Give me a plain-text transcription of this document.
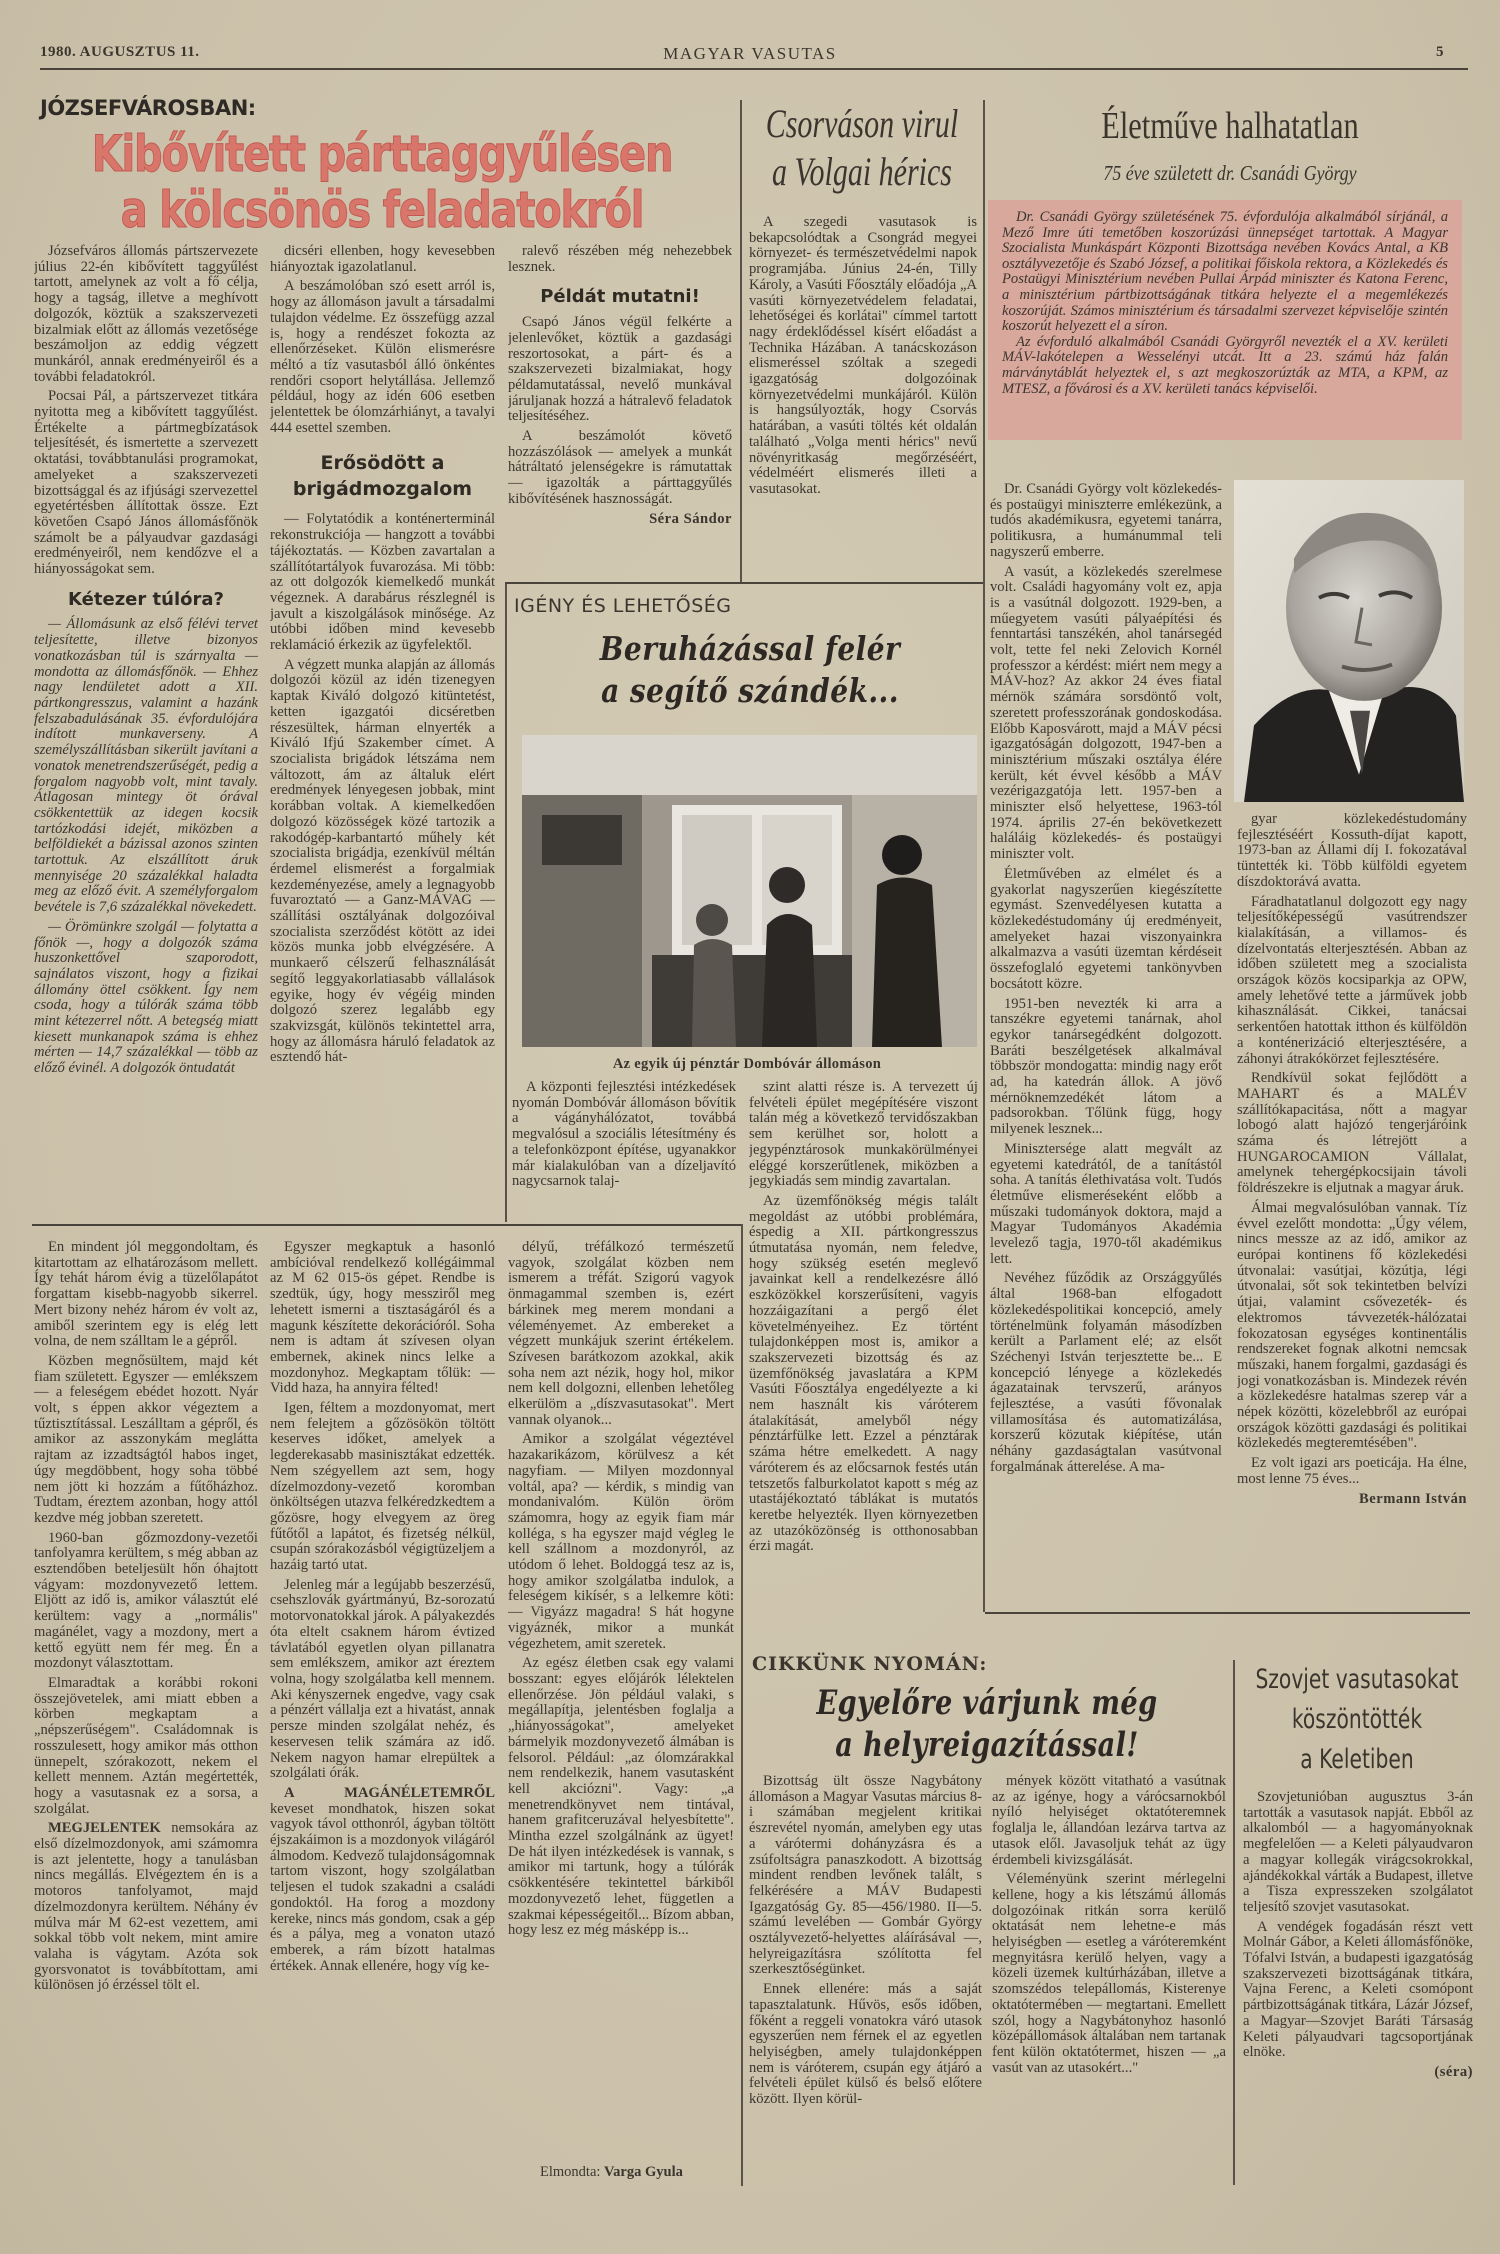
1980. AUGUSZTUS 11.	MAGYAR VASUTAS	5
JÓZSEFVÁROSBAN:
Kibővített párttaggyűlésen
a kölcsönös feladatokról

Józsefváros állomás pártszervezete július 22-én kibővített taggyűlést tartott, amelynek az volt a fő célja, hogy a tagság, illetve a meghívott dolgozók, köztük a szakszervezeti bizalmiak előtt az állomás vezetősége beszámoljon az eddig végzett munkáról, annak eredményeiről és a további feladatokról.

Pocsai Pál, a pártszervezet titkára nyitotta meg a kibővített taggyűlést. Értékelte a pártmegbízatások teljesítését, és ismertette a szervezett oktatási, továbbtanulási programokat, amelyeket a szakszervezeti bizottsággal és az ifjúsági szervezettel egyetértésben állítottak össze. Ezt követően Csapó János állomásfőnök számolt be a pályaudvar gazdasági eredményeiről, nem kendőzve el a hiányosságokat sem.

Kétezer túlóra?

— Állomásunk az első félévi tervet teljesítette, illetve bizonyos vonatkozásban túl is szárnyalta — mondotta az állomásfőnök. — Ehhez nagy lendületet adott a XII. pártkongresszus, valamint a hazánk felszabadulásának 35. évfordulójára indított munkaverseny. A személyszállításban sikerült javítani a vonatok menetrendszerűségét, pedig a forgalom nagyobb volt, mint tavaly. Átlagosan mintegy öt órával csökkentettük az idegen kocsik tartózkodási idejét, miközben a belföldiekét a bázissal azonos szinten tartottuk. Az elszállított áruk mennyisége 20 százalékkal haladta meg az előző évit. A személyforgalom bevétele is 7,6 százalékkal növekedett.

— Örömünkre szolgál — folytatta a főnök —, hogy a dolgozók száma huszonkettővel szaporodott, sajnálatos viszont, hogy a fizikai állomány öttel csökkent. Így nem csoda, hogy a túlórák száma több mint kétezerrel nőtt. A betegség miatt kiesett munkanapok száma is ehhez mérten — 14,7 százalékkal — több az előző évinél. A dolgozók öntudatát

dicséri ellenben, hogy kevesebben hiányoztak igazolatlanul.

A beszámolóban szó esett arról is, hogy az állomáson javult a társadalmi tulajdon védelme. Ez összefügg azzal is, hogy a rendészet fokozta az ellenőrzéseket. Külön elismerésre méltó a tíz vasutasból álló önkéntes rendőri csoport helytállása. Jellemző például, hogy az idén 606 esetben jelentettek be ólomzárhiányt, a tavalyi 444 esettel szemben.

Erősödött a brigádmozgalom

— Folytatódik a konténerterminál rekonstrukciója — hangzott a további tájékoztatás. — Közben zavartalan a szállítótartályok fuvarozása. Mi több: az ott dolgozók kiemelkedő munkát végeznek. A darabárus részlegnél is javult a kiszolgálások minősége. Az utóbbi időben mind kevesebb reklamáció érkezik az ügyfelektől.

A végzett munka alapján az állomás dolgozói közül az idén tizenegyen kaptak Kiváló dolgozó kitüntetést, ketten igazgatói dicséretben részesültek, hárman elnyerték a Kiváló Ifjú Szakember címet. A szocialista brigádok létszáma nem változott, ám az általuk elért eredmények lényegesen jobbak, mint korábban voltak. A kiemelkedően dolgozó közösségek közé tartozik a rakodógép-karbantartó műhely két szocialista brigádja, ezenkívül méltán érdemel elismerést a forgalmiak kezdeményezése, amely a legnagyobb fuvaroztató — a Ganz-MÁVAG — szállítási osztályának dolgozóival szocialista szerződést kötött az idei közös munka jobb elvégzésére. A munkaerő célszerű felhasználását segítő leggyakorlatiasabb vállalások egyike, hogy év végéig minden dolgozó szerez legalább egy szakvizsgát, különös tekintettel arra, hogy az állomásra háruló feladatok az esztendő hát-

ralevő részében még nehezebbek lesznek.

Példát mutatni!

Csapó János végül felkérte a jelenlevőket, köztük a gazdasági reszortosokat, a párt- és a szakszervezeti bizalmiakat, hogy példamutatással, nevelő munkával járuljanak hozzá a hátralevő feladatok teljesítéséhez.

A beszámolót követő hozzászólások — amelyek a munkát hátráltató jelenségekre is rámutattak — igazolták a párttaggyűlés kibővítésének hasznosságát.

Séra Sándor
Csorváson virul
a Volgai hérics

A szegedi vasutasok is bekapcsolódtak a Csongrád megyei környezet- és természetvédelmi napok programjába. Június 24-én, Tilly Károly, a Vasúti Főosztály előadója „A vasúti környezetvédelem feladatai, lehetőségei és korlátai" címmel tartott nagy érdeklődéssel kísért előadást a Technika Házában. A tanácskozáson elismeréssel szóltak a szegedi igazgatóság dolgozóinak környezetvédelmi munkájáról. Külön is hangsúlyozták, hogy Csorvás határában, a vasúti töltés két oldalán található „Volga menti hérics" nevű növényritkaság megőrzéséért, védelméért elismerés illeti a vasutasokat.

Életműve halhatatlan
75 éve született dr. Csanádi György

Dr. Csanádi György születésének 75. évfordulója alkalmából sírjánál, a Mező Imre úti temetőben koszorúzási ünnepséget tartottak. A Magyar Szocialista Munkáspárt Központi Bizottsága nevében Kovács Antal, a KB osztályvezetője és Szabó József, a politikai főiskola rektora, a Közlekedés és Postaügyi Minisztérium nevében Pullai Árpád miniszter és Katona Ferenc, a minisztérium pártbizottságának titkára helyezte el a megemlékezés koszorúját. Számos minisztérium és társadalmi szervezet képviselője szintén koszorút helyezett el a síron.

Az évforduló alkalmából Csanádi Györgyről nevezték el a XV. kerületi MÁV-lakótelepen a Wesselényi utcát. Itt a 23. számú ház falán márványtáblát helyeztek el, s azt megkoszorúzták az MTA, a KPM, az MTESZ, a fővárosi és a XV. kerületi tanács képviselői.

Dr. Csanádi György volt közlekedés- és postaügyi miniszterre emlékezünk, a tudós akadémikusra, egyetemi tanárra, politikusra, a humánummal teli nagyszerű emberre.

A vasút, a közlekedés szerelmese volt. Családi hagyomány volt ez, apja is a vasútnál dolgozott. 1929-ben, a műegyetem vasúti pályaépítési és fenntartási tanszékén, ahol tanársegéd volt, tette fel neki Zelovich Kornél professzor a kérdést: miért nem megy a MÁV-hoz? Az akkor 24 éves fiatal mérnök számára sorsdöntő volt, szeretett professzorának gondoskodása. Előbb Kaposvárott, majd a MÁV pécsi igazgatóságán dolgozott, 1947-ben a minisztérium műszaki osztálya élére került, két évvel később a MÁV vezérigazgatója lett. 1957-ben a miniszter első helyettese, 1963-tól 1974. április 27-én bekövetkezett haláláig közlekedés- és postaügyi miniszter volt.

Életművében az elmélet és a gyakorlat nagyszerűen kiegészítette egymást. Szenvedélyesen kutatta a közlekedéstudomány új eredményeit, amelyeket hazai viszonyainkra alkalmazva a vasúti üzemtan kérdéseit összefoglaló egyetemi tankönyvben bocsátott közre.

1951-ben nevezték ki arra a tanszékre egyetemi tanárnak, ahol egykor tanársegédként dolgozott. Baráti beszélgetések alkalmával többször mondogatta: mindig nagy erőt ad, ha katedrán állok. A jövő mérnöknemzedékét látom a padsorokban. Tőlünk függ, hogy milyenek lesznek...

Minisztersége alatt megvált az egyetemi katedrától, de a tanítástól soha. A tanítás élethivatása volt. Tudós életműve elismeréseként előbb a műszaki tudományok doktora, majd a Magyar Tudományos Akadémia levelező tagja, 1970-től akadémikus lett.

Nevéhez fűződik az Országgyűlés által 1968-ban elfogadott közlekedéspolitikai koncepció, amely történelmünk folyamán másodízben került a Parlament elé; az elsőt Széchenyi István terjesztette be... E koncepció lényege a közlekedés ágazatainak tervszerű, arányos fejlesztése, a vasúti fővonalak villamosítása és automatizálása, korszerű közutak kiépítése, után néhány gazdaságtalan vasútvonal forgalmának átterelése. A ma-

gyar közlekedéstudomány fejlesztéséért Kossuth-díjat kapott, 1973-ban az Állami díj I. fokozatával tüntették ki. Több külföldi egyetem díszdoktorává avatta.

Fáradhatatlanul dolgozott egy nagy teljesítőképességű vasútrendszer kialakításán, a villamos- és dízelvontatás elterjesztésén. Abban az időben született meg a szocialista országok közös kocsiparkja az OPW, amely lehetővé tette a járművek jobb kihasználását. Cikkei, tanácsai serkentően hatottak itthon és külföldön a konténerizáció elterjesztésére, a záhonyi átrakókörzet fejlesztésére.

Rendkívül sokat fejlődött a MAHART és a MALÉV szállítókapacitása, nőtt a magyar lobogó alatt hajózó tengerjáróink száma és létrejött a HUNGAROCAMION Vállalat, amelynek tehergépkocsijain távoli földrészekre is eljutnak a magyar áruk.

Álmai megvalósulóban vannak. Tíz évvel ezelőtt mondotta: „Úgy vélem, nincs messze az az idő, amikor az európai kontinens fő közlekedési útvonalai: vasútjai, közútja, légi útvonalai, sőt sok tekintetben belvízi útjai, valamint csővezeték- és elektromos távvezeték-hálózatai fokozatosan egységes kontinentális rendszereket fognak alkotni nemcsak műszaki, hanem forgalmi, gazdasági és jogi vonatkozásban is. Mindezek révén a közlekedésre hatalmas szerep vár a népek közötti, közelebbről az európai országok közötti gazdasági és politikai közlekedés megteremtésében".

Ez volt igazi ars poeticája. Ha élne, most lenne 75 éves...

Bermann István
IGÉNY ÉS LEHETŐSÉG
Beruházással felér
a segítő szándék...
Az egyik új pénztár Dombóvár állomáson

A központi fejlesztési intézkedések nyomán Dombóvár állomáson bővítik a vágányhálózatot, továbbá megvalósul a szociális létesítmény és a telefonközpont építése, ugyanakkor már kialakulóban van a dízeljavító nagycsarnok talaj-

szint alatti része is. A tervezett új felvételi épület megépítésére viszont talán még a következő tervidőszakban sem kerülhet sor, holott a jegypénztárosok munkakörülményei eléggé korszerűtlenek, miközben a jegykiadás sem mindig zavartalan.

Az üzemfőnökség mégis talált megoldást az utóbbi problémára, éspedig a XII. pártkongresszus útmutatása nyomán, nem feledve, hogy szükség esetén meglevő javainkat kell a rendelkezésre álló eszközökkel korszerűsíteni, vagyis hozzáigazítani a pergő élet követelményeihez. Ez történt tulajdonképpen most is, amikor a szakszervezeti bizottság és az üzemfőnökség javaslatára a KPM Vasúti Főosztálya engedélyezte a ki nem használt kis váróterem átalakítását, amelyből négy pénztárfülke lett. Ezzel a pénztárak száma hétre emelkedett. A nagy váróterem és az előcsarnok festés után tetszetős falburkolatot kapott s még az utastájékoztató táblákat is mutatós keretbe helyezték. Ilyen környezetben az utazóközönség is otthonosabban érzi magát.

Én mindent jól meggondoltam, és kitartottam az elhatározásom mellett. Így tehát három évig a tüzelőlapátot forgattam kisebb-nagyobb sikerrel. Mert bizony nehéz három év volt az, amiből szerintem egy is elég lett volna, de nem szálltam le a gépről.

Közben megnősültem, majd két fiam született. Egyszer — emlékszem — a feleségem ebédet hozott. Nyár volt, s éppen akkor végeztem a tűztisztítással. Leszálltam a gépről, és amikor az asszonykám meglátta rajtam az izzadtságtól habos inget, úgy megdöbbent, hogy soha többé nem jött ki hozzám a fűtőházhoz. Tudtam, éreztem azonban, hogy attól kezdve még jobban szeretett.

1960-ban gőzmozdony-vezetői tanfolyamra kerültem, s még abban az esztendőben beteljesült hőn óhajtott vágyam: mozdonyvezető lettem. Eljött az idő is, amikor választút elé kerültem: vagy a „normális" magánélet, vagy a mozdony, mert a kettő együtt nem fér meg. Én a mozdonyt választottam.

Elmaradtak a korábbi rokoni összejövetelek, ami miatt ebben a körben megkaptam a „népszerűségem". Családomnak is rosszulesett, hogy amikor más otthon ünnepelt, szórakozott, nekem el kellett mennem. Aztán megértették, hogy a vasutasnak ez a sorsa, a szolgálat.

MEGJELENTEK nemsokára az első dízelmozdonyok, ami számomra is azt jelentette, hogy a tanulásban nincs megállás. Elvégeztem én is a motoros tanfolyamot, majd dízelmozdonyra kerültem. Néhány év múlva már M 62-est vezettem, ami sokkal több volt nekem, mint amire valaha is vágytam. Azóta sok gyorsvonatot is továbbítottam, ami különösen jó érzéssel tölt el.

Egyszer megkaptuk a hasonló ambícióval rendelkező kollégáimmal az M 62 015-ös gépet. Rendbe is szedtük, úgy, hogy messziről meg lehetett ismerni a tisztaságáról és a magunk készítette dekorációról. Soha nem is adtam át szívesen olyan embernek, akinek nincs lelke a mozdonyhoz. Megkaptam tőlük: — Vidd haza, ha annyira félted!

Igen, féltem a mozdonyomat, mert nem felejtem a gőzösökön töltött keserves időket, amelyek a legderekasabb masinisztákat edzették. Nem szégyellem azt sem, hogy dízelmozdony-vezető koromban önköltségen utazva felkéredzkedtem a gőzösre, hogy elvegyem az öreg fűtőtől a lapátot, és fizetség nélkül, csupán szórakozásból végigtüzeljem a hazáig tartó utat.

Jelenleg már a legújabb beszerzésű, csehszlovák gyártmányú, Bz-sorozatú motorvonatokkal járok. A pályakezdés óta eltelt csaknem három évtized távlatából egyetlen olyan pillanatra sem emlékszem, amikor azt éreztem volna, hogy szolgálatba kell mennem. Aki kényszernek engedve, vagy csak a pénzért vállalja ezt a hivatást, annak persze minden szolgálat nehéz, és keservesen telik számára az idő. Nekem nagyon hamar elrepültek a szolgálati órák.

A MAGÁNÉLETEMRŐL keveset mondhatok, hiszen sokat vagyok távol otthonról, ágyban töltött éjszakáimon is a mozdonyok világáról álmodom. Kedvező tulajdonságomnak tartom viszont, hogy szolgálatban teljesen el tudok szakadni a családi gondoktól. Ha forog a mozdony kereke, nincs más gondom, csak a gép és a pálya, meg a vonaton utazó emberek, a rám bízott hatalmas értékek. Annak ellenére, hogy víg ke-

délyű, tréfálkozó természetű vagyok, szolgálat közben nem ismerem a tréfát. Szigorú vagyok önmagammal szemben is, ezért bárkinek meg merem mondani a véleményemet. Az embereket a végzett munkájuk szerint értékelem. Szívesen barátkozom azokkal, akik soha nem azt nézik, hogy hol, mikor nem kell dolgozni, ellenben lehetőleg elkerülöm a „díszvasutasokat". Mert vannak olyanok...

Amikor a szolgálat végeztével hazakarikázom, körülvesz a két nagyfiam. — Milyen mozdonnyal voltál, apa? — kérdik, s mindig van mondanivalóm. Külön öröm számomra, hogy az egyik fiam már kolléga, s ha egyszer majd végleg le kell szállnom a mozdonyról, az utódom ő lehet. Boldoggá tesz az is, hogy amikor szolgálatba indulok, a feleségem kikísér, s a lelkemre köti: — Vigyázz magadra! S hát hogyne vigyáznék, mikor a munkát végezhetem, amit szeretek.

Az egész életben csak egy valami bosszant: egyes előjárók lélektelen ellenőrzése. Jön például valaki, s megállapítja, jelentésben foglalja a „hiányosságokat", amelyeket bármelyik mozdonyvezető álmában is felsorol. Például: „az ólomzárakkal nem rendelkezik, hanem vasutasként kell akciózni". Vagy: „a menetrendkönyvet nem tintával, hanem grafitceruzával helyesbítette". Mintha ezzel szolgálnánk az ügyet! De hát ilyen intézkedések is vannak, s amikor mi tartunk, hogy a túlórák csökkentésére tekintettel bárkiből mozdonyvezető lehet, független a szakmai képességeitől... Bízom abban, hogy lesz ez még másképp is...

Elmondta: Varga Gyula
CIKKÜNK NYOMÁN:
Egyelőre várjunk még
a helyreigazítással!

Bizottság ült össze Nagybátony állomáson a Magyar Vasutas március 8-i számában megjelent kritikai észrevétel nyomán, amelyben egy utas a várótermi dohányzásra és a zsúfoltságra panaszkodott. A bizottság mindent rendben levőnek talált, s felkérésére a MÁV Budapesti Igazgatóság Gy. 85—456/1980. II—5. számú levelében — Gombár György osztályvezető-helyettes aláírásával —, helyreigazításra szólította fel szerkesztőségünket.

Ennek ellenére: más a saját tapasztalatunk. Hűvös, esős időben, főként a reggeli vonatokra váró utasok egyszerűen nem férnek el az egyetlen helyiségben, amely tulajdonképpen nem is váróterem, csupán egy átjáró a felvételi épület külső és belső előtere között. Ilyen körül-

mények között vitatható a vasútnak az az igénye, hogy a várócsarnokból nyíló helyiséget oktatóteremnek foglalja le, állandóan lezárva tartva az utasok elől. Javasoljuk tehát az ügy érdembeli kivizsgálását.

Véleményünk szerint mérlegelni kellene, hogy a kis létszámú állomás dolgozóinak ritkán sorra kerülő oktatását nem lehetne-e más helyiségben — esetleg a váróteremként megnyitásra kerülő helyen, vagy a közeli üzemek kultúrházában, illetve a szomszédos telepállomás, Kisterenye oktatótermében — megtartani. Emellett szól, hogy a Nagybátonyhoz hasonló középállomások általában nem tartanak fent külön oktatótermet, hiszen — „a vasút van az utasokért..."

Szovjet vasutasokat
köszöntötték
a Keletiben

Szovjetunióban augusztus 3-án tartották a vasutasok napját. Ebből az alkalomból — a hagyományoknak megfelelően — a Keleti pályaudvaron a magyar kollegák virágcsokrokkal, ajándékokkal várták a Budapest, illetve a Tisza expresszeken szolgálatot teljesítő szovjet vasutasokat.

A vendégek fogadásán részt vett Molnár Gábor, a Keleti állomásfőnöke, Tófalvi István, a budapesti igazgatóság szakszervezeti bizottságának titkára, Vajna Ferenc, a Keleti csomópont pártbizottságának titkára, Lázár József, a Magyar—Szovjet Baráti Társaság Keleti pályaudvari tagcsoportjának elnöke.

(séra)
